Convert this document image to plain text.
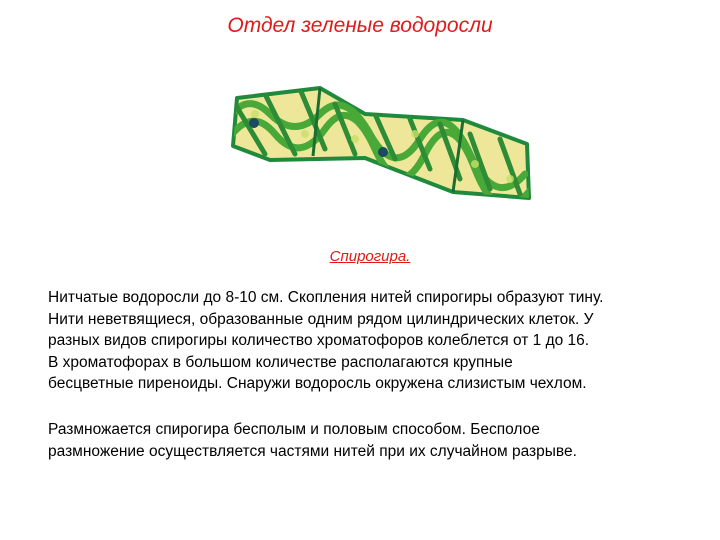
Отдел зеленые водоросли
Спирогира.

Нитчатые водоросли до 8-10 см. Скопления нитей спирогиры образуют тину.
Нити неветвящиеся, образованные одним рядом цилиндрических клеток. У
разных видов спирогиры количество хроматофоров колеблется от 1 до 16.
В хроматофорах в большом количестве располагаются крупные
бесцветные пиреноиды. Снаружи водоросль окружена слизистым чехлом.

Размножается спирогира бесполым и половым способом. Бесполое
размножение осуществляется частями нитей при их случайном разрыве.
